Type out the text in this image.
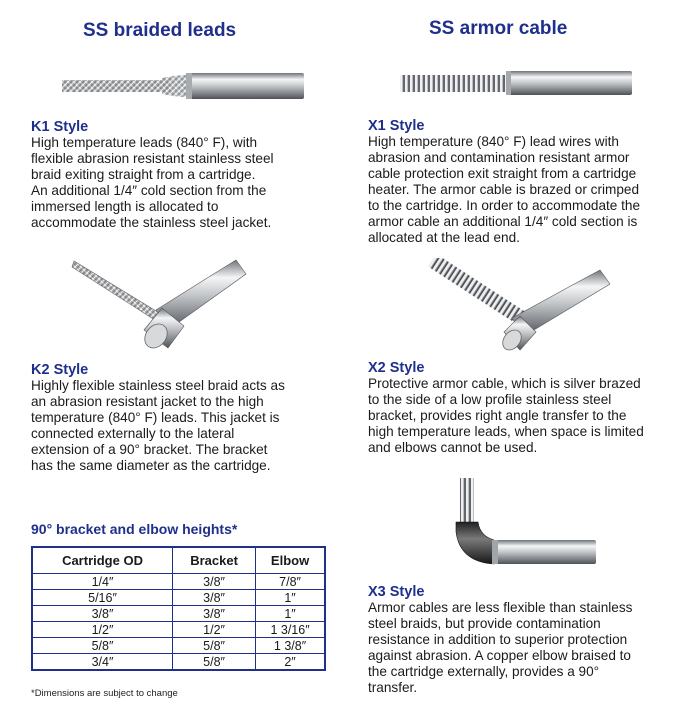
SS braided leads	SS armor cable
K1 Style
High temperature leads (840° F), with
flexible abrasion resistant stainless steel
braid exiting straight from a cartridge.
An additional 1/4″ cold section from the
immersed length is allocated to
accommodate the stainless steel jacket.
K2 Style
Highly flexible stainless steel braid acts as
an abrasion resistant jacket to the high
temperature (840° F) leads. This jacket is
connected externally to the lateral
extension of a 90° bracket. The bracket
has the same diameter as the cartridge.
X1 Style
High temperature (840° F) lead wires with
abrasion and contamination resistant armor
cable protection exit straight from a cartridge
heater. The armor cable is brazed or crimped
to the cartridge. In order to accommodate the
armor cable an additional 1/4″ cold section is
allocated at the lead end.
X2 Style
Protective armor cable, which is silver brazed
to the side of a low profile stainless steel
bracket, provides right angle transfer to the
high temperature leads, when space is limited
and elbows cannot be used.
X3 Style
Armor cables are less flexible than stainless
steel braids, but provide contamination
resistance in addition to superior protection
against abrasion. A copper elbow braised to
the cartridge externally, provides a 90°
transfer.
90° bracket and elbow heights*
Cartridge OD	Bracket	Elbow
1/4″	3/8″	7/8″
5/16″	3/8″	1″
3/8″	3/8″	1″
1/2″	1/2″	1 3/16″
5/8″	5/8″	1 3/8″
3/4″	5/8″	2″
*Dimensions are subject to change
